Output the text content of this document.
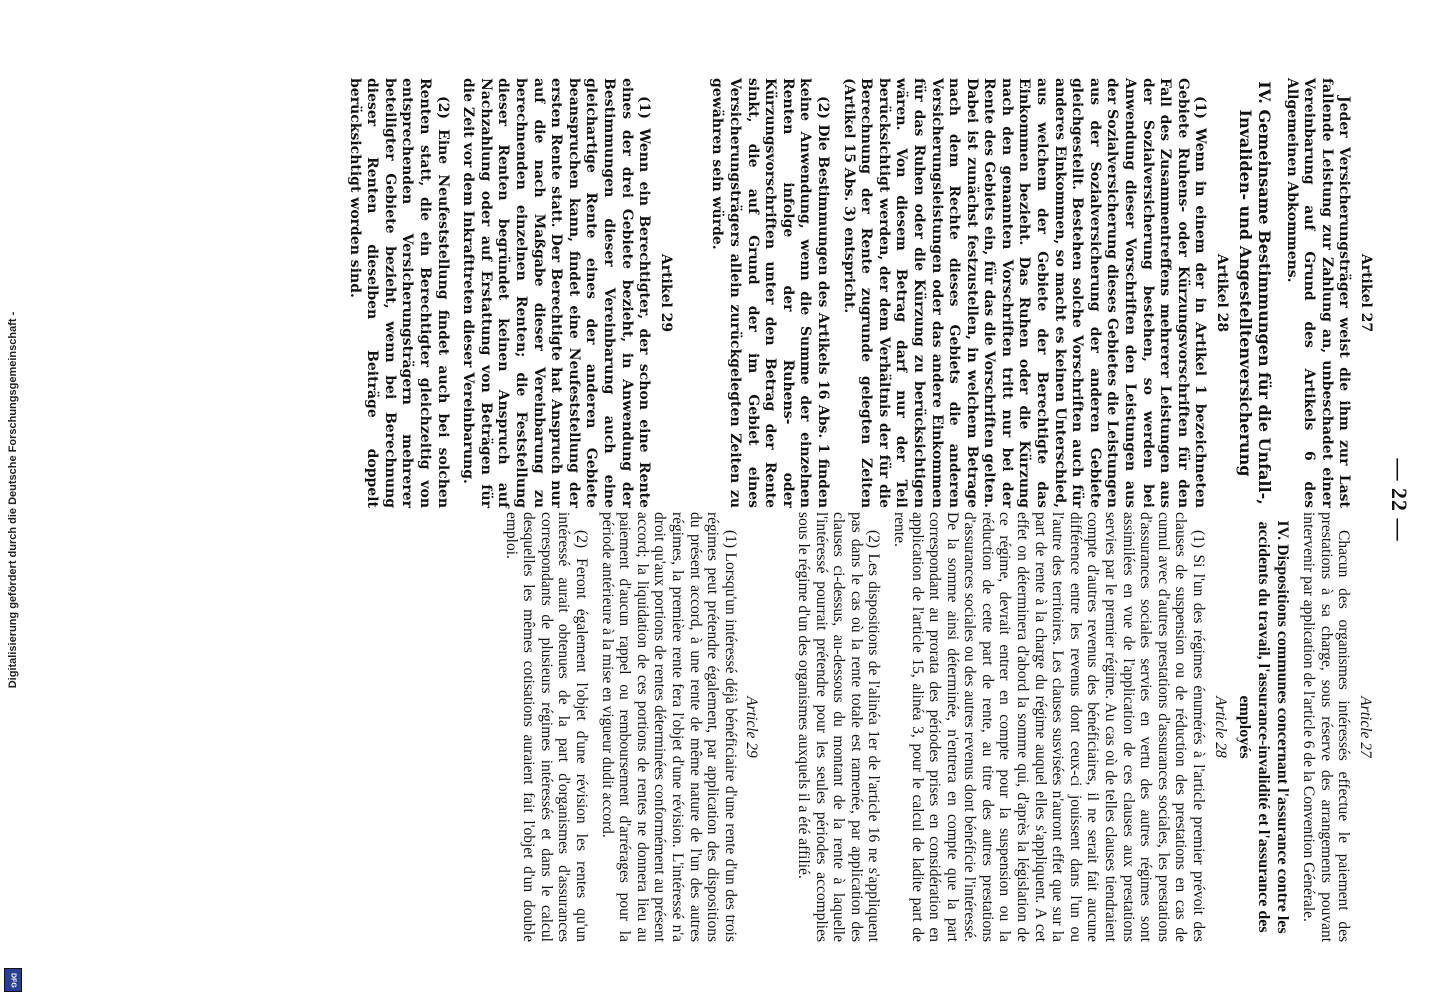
— 22 —
Artikel 27

Jeder Versicherungsträger weist die ihm zur Last fallende Leistung zur Zahlung an, unbeschadet einer Vereinbarung auf Grund des Artikels 6 des Allgemeinen Abkommens.

IV. Gemeinsame Bestimmungen für die Unfall-, Invaliden- und Angestelltenversicherung
Artikel 28

(1) Wenn in einem der in Artikel 1 bezeichneten Gebiete Ruhens- oder Kürzungsvorschriften für den Fall des Zusammentreffens mehrerer Leistungen aus der Sozialversicherung bestehen, so werden bei Anwendung dieser Vorschriften den Leistungen aus der Sozialversicherung dieses Gebietes die Leistungen aus der Sozialversicherung der anderen Gebiete gleichgestellt. Bestehen solche Vorschriften auch für anderes Einkommen, so macht es keinen Unterschied, aus welchem der Gebiete der Berechtigte das Einkommen bezieht. Das Ruhen oder die Kürzung nach den genannten Vorschriften tritt nur bei der Rente des Gebiets ein, für das die Vorschriften gelten. Dabei ist zunächst festzustellen, in welchem Betrage nach dem Rechte dieses Gebiets die anderen Versicherungsleistungen oder das andere Einkommen für das Ruhen oder die Kürzung zu berücksichtigen wären. Von diesem Betrag darf nur der Teil berücksichtigt werden, der dem Verhältnis der für die Berechnung der Rente zugrunde gelegten Zeiten (Artikel 15 Abs. 3) entspricht.

(2) Die Bestimmungen des Artikels 16 Abs. 1 finden keine Anwendung, wenn die Summe der einzelnen Renten infolge der Ruhens- oder Kürzungsvorschriften unter den Betrag der Rente sinkt, die auf Grund der im Gebiet eines Versicherungsträgers allein zurückgelegten Zeiten zu gewähren sein würde.

Artikel 29

(1) Wenn ein Berechtigter, der schon eine Rente eines der drei Gebiete bezieht, in Anwendung der Bestimmungen dieser Vereinbarung auch eine gleichartige Rente eines der anderen Gebiete beanspruchen kann, findet eine Neufeststellung der ersten Rente statt. Der Berechtigte hat Anspruch nur auf die nach Maßgabe dieser Vereinbarung zu berechnenden einzelnen Renten; die Feststellung dieser Renten begründet keinen Anspruch auf Nachzahlung oder auf Erstattung von Beträgen für die Zeit vor dem Inkrafttreten dieser Vereinbarung.

(2) Eine Neufeststellung findet auch bei solchen Renten statt, die ein Berechtigter gleichzeitig von entsprechenden Versicherungsträgern mehrerer beteiligter Gebiete bezieht, wenn bei Berechnung dieser Renten dieselben Beiträge doppelt berücksichtigt worden sind.

Article 27

Chacun des organismes intéressés effectue le paiement des prestations à sa charge, sous réserve des arrangements pouvant intervenir par application de l'article 6 de la Convention Générale.

IV. Dispositions communes concernant l'assurance contre les accidents du travail, l'assurance-invalidité et l'assurance des employés
Article 28

(1) Si l'un des régimes énumérés à l'article premier prévoit des clauses de suspension ou de réduction des prestations en cas de cumul avec d'autres prestations d'assurances sociales, les prestations d'assurances sociales servies en vertu des autres régimes sont assimilées en vue de l'application de ces clauses aux prestations servies par le premier régime. Au cas où de telles clauses tiendraient compte d'autres revenus des bénéficiaires, il ne serait fait aucune différence entre les revenus dont ceux-ci jouissent dans l'un ou l'autre des territoires. Les clauses susvisées n'auront effet que sur la part de rente à la charge du régime auquel elles s'appliquent. A cet effet on déterminera d'abord la somme qui, d'après la législation de ce régime, devrait entrer en compte pour la suspension ou la réduction de cette part de rente, au titre des autres prestations d'assurances sociales ou des autres revenus dont bénéficie l'intéressé. De la somme ainsi déterminée, n'entrera en compte que la part correspondant au prorata des périodes prises en considération en application de l'article 15, alinéa 3, pour le calcul de ladite part de rente.

(2) Les dispositions de l'alinéa 1er de l'article 16 ne s'appliquent pas dans le cas où la rente totale est ramenée, par application des clauses ci-dessus, au-dessous du montant de la rente à laquelle l'intéressé pourrait prétendre pour les seules périodes accomplies sous le régime d'un des organismes auxquels il a été affilié.

Article 29

(1) Lorsqu'un intéressé déjà bénéficiaire d'une rente d'un des trois régimes peut prétendre également, par application des dispositions du présent accord, à une rente de même nature de l'un des autres régimes, la première rente fera l'objet d'une révision. L'intéressé n'a droit qu'aux portions de rentes déterminées conformément au présent accord; la liquidation de ces portions de rentes ne donnera lieu au paiement d'aucun rappel ou remboursement d'arrérages pour la période antérieure à la mise en vigueur dudit accord.

(2) Feront également l'objet d'une révision les rentes qu'un intéressé aurait obtenues de la part d'organismes d'assurances correspondants de plusieurs régimes intéressés et dans le calcul desquelles les mêmes cotisations auraient fait l'objet d'un double emploi.

Digitalisierung gefördert durch die Deutsche Forschungsgemeinschaft -
DFG
